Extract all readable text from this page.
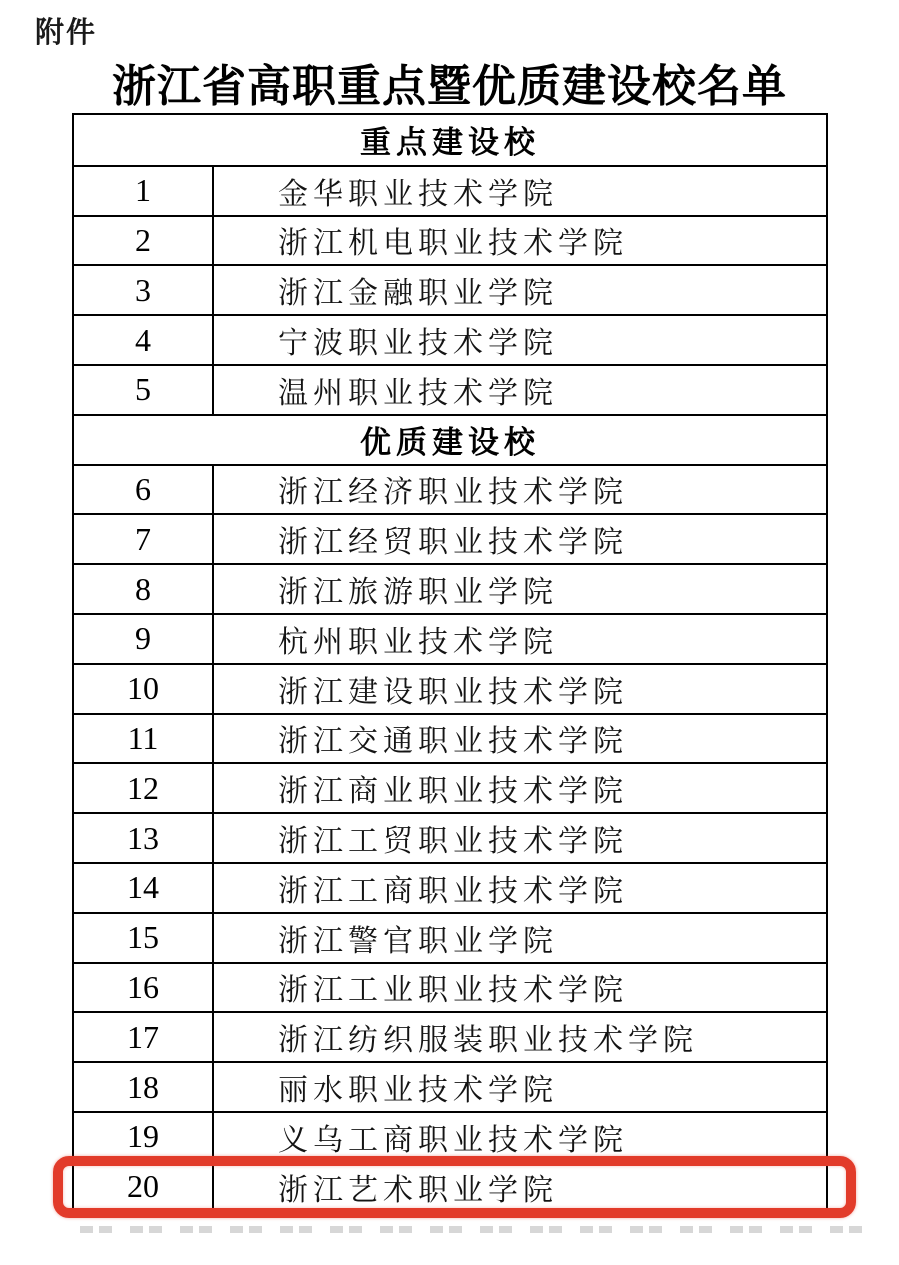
附件
浙江省高职重点暨优质建设校名单
重点建设校
1	金华职业技术学院
2	浙江机电职业技术学院
3	浙江金融职业学院
4	宁波职业技术学院
5	温州职业技术学院
优质建设校
6	浙江经济职业技术学院
7	浙江经贸职业技术学院
8	浙江旅游职业学院
9	杭州职业技术学院
10	浙江建设职业技术学院
11	浙江交通职业技术学院
12	浙江商业职业技术学院
13	浙江工贸职业技术学院
14	浙江工商职业技术学院
15	浙江警官职业学院
16	浙江工业职业技术学院
17	浙江纺织服装职业技术学院
18	丽水职业技术学院
19	义乌工商职业技术学院
20	浙江艺术职业学院
